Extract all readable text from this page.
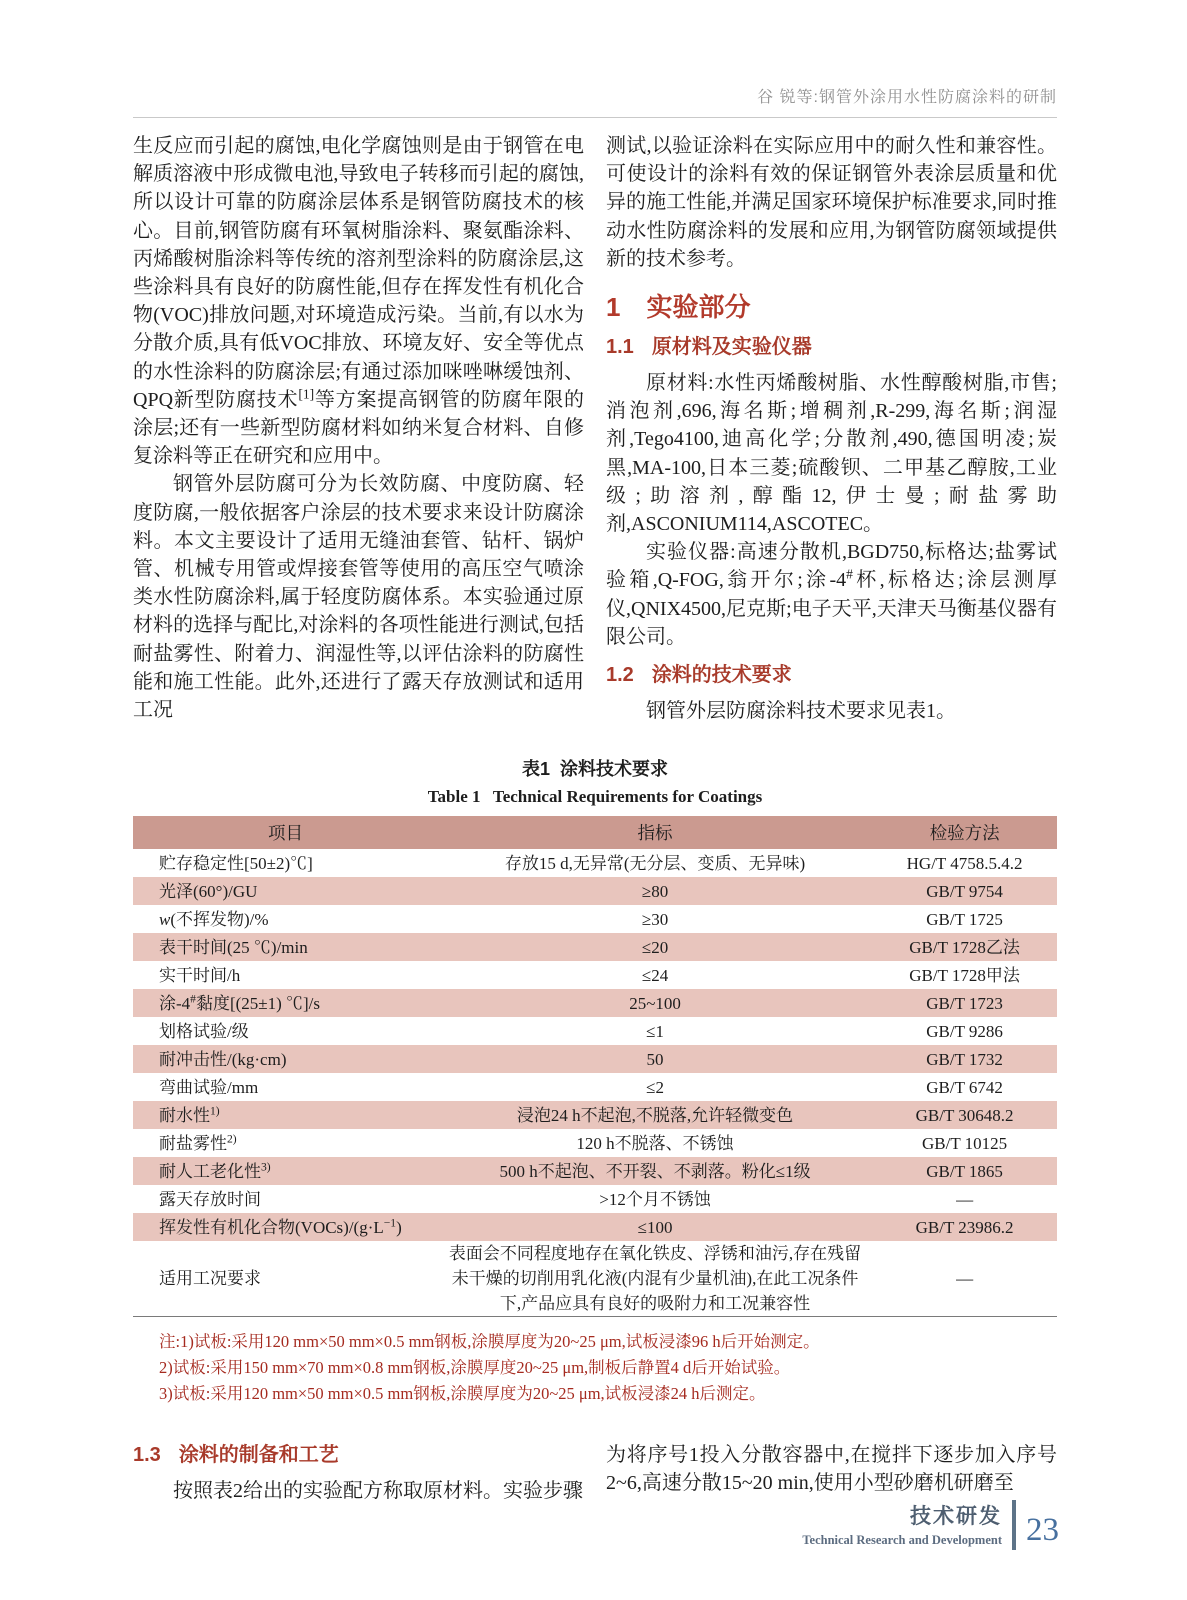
谷 锐等:钢管外涂用水性防腐涂料的研制

生反应而引起的腐蚀,电化学腐蚀则是由于钢管在电解质溶液中形成微电池,导致电子转移而引起的腐蚀,所以设计可靠的防腐涂层体系是钢管防腐技术的核心。目前,钢管防腐有环氧树脂涂料、聚氨酯涂料、丙烯酸树脂涂料等传统的溶剂型涂料的防腐涂层,这些涂料具有良好的防腐性能,但存在挥发性有机化合物(VOC)排放问题,对环境造成污染。当前,有以水为分散介质,具有低VOC排放、环境友好、安全等优点的水性涂料的防腐涂层;有通过添加咪唑啉缓蚀剂、QPQ新型防腐技术[1]等方案提高钢管的防腐年限的涂层;还有一些新型防腐材料如纳米复合材料、自修复涂料等正在研究和应用中。

钢管外层防腐可分为长效防腐、中度防腐、轻度防腐,一般依据客户涂层的技术要求来设计防腐涂料。本文主要设计了适用无缝油套管、钻杆、锅炉管、机械专用管或焊接套管等使用的高压空气喷涂类水性防腐涂料,属于轻度防腐体系。本实验通过原材料的选择与配比,对涂料的各项性能进行测试,包括耐盐雾性、附着力、润湿性等,以评估涂料的防腐性能和施工性能。此外,还进行了露天存放测试和适用工况

测试,以验证涂料在实际应用中的耐久性和兼容性。可使设计的涂料有效的保证钢管外表涂层质量和优异的施工性能,并满足国家环境保护标准要求,同时推动水性防腐涂料的发展和应用,为钢管防腐领域提供新的技术参考。

1 实验部分
1.1 原材料及实验仪器

原材料:水性丙烯酸树脂、水性醇酸树脂,市售;消泡剂,696,海名斯;增稠剂,R-299,海名斯;润湿剂,Tego4100,迪高化学;分散剂,490,德国明凌;炭黑,MA-100,日本三菱;硫酸钡、二甲基乙醇胺,工业级;助溶剂,醇酯12,伊士曼;耐盐雾助剂,ASCONIUM114,ASCOTEC。

实验仪器:高速分散机,BGD750,标格达;盐雾试验箱,Q-FOG,翁开尔;涂-4#杯,标格达;涂层测厚仪,QNIX4500,尼克斯;电子天平,天津天马衡基仪器有限公司。

1.2 涂料的技术要求

钢管外层防腐涂料技术要求见表1。

表1  涂料技术要求
Table 1   Technical Requirements for Coatings
项目	指标	检验方法
贮存稳定性[50±2)℃]	存放15 d,无异常(无分层、变质、无异味)	HG/T 4758.5.4.2
光泽(60°)/GU	≥80	GB/T 9754
w(不挥发物)/%	≥30	GB/T 1725
表干时间(25 ℃)/min	≤20	GB/T 1728乙法
实干时间/h	≤24	GB/T 1728甲法
涂-4#黏度[(25±1) ℃]/s	25~100	GB/T 1723
划格试验/级	≤1	GB/T 9286
耐冲击性/(kg·cm)	50	GB/T 1732
弯曲试验/mm	≤2	GB/T 6742
耐水性$^{1)}$	浸泡24 h不起泡,不脱落,允许轻微变色	GB/T 30648.2
耐盐雾性$^{2)}$	120 h不脱落、不锈蚀	GB/T 10125
耐人工老化性$^{3)}$	500 h不起泡、不开裂、不剥落。粉化≤1级	GB/T 1865
露天存放时间	>12个月不锈蚀	—
挥发性有机化合物$(VOCs)/(g\cdot L^{-1})$	≤100	GB/T 23986.2
适用工况要求	表面会不同程度地存在氧化铁皮、浮锈和油污,存在残留未干燥的切削用乳化液(内混有少量机油),在此工况条件下,产品应具有良好的吸附力和工况兼容性	—

注:1)试板:采用120 mm×50 mm×0.5 mm钢板,涂膜厚度为20~25 μm,试板浸漆96 h后开始测定。

2)试板:采用150 mm×70 mm×0.8 mm钢板,涂膜厚度20~25 μm,制板后静置4 d后开始试验。

3)试板:采用120 mm×50 mm×0.5 mm钢板,涂膜厚度为20~25 μm,试板浸漆24 h后测定。

1.3 涂料的制备和工艺

按照表2给出的实验配方称取原材料。实验步骤

为将序号1投入分散容器中,在搅拌下逐步加入序号2~6,高速分散15~20 min,使用小型砂磨机研磨至

技术研发
Technical Research and Development 23
